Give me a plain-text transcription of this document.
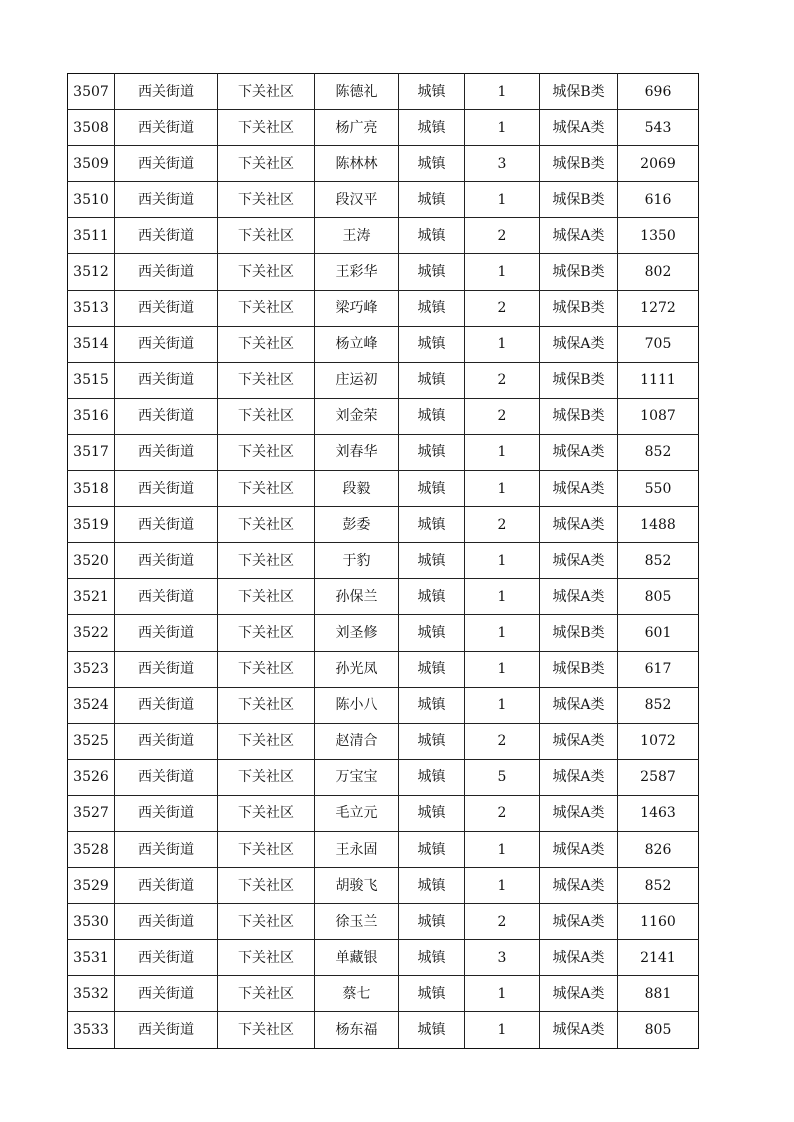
3507	西关街道	下关社区	陈德礼	城镇	1	城保B类	696
3508	西关街道	下关社区	杨广亮	城镇	1	城保A类	543
3509	西关街道	下关社区	陈林林	城镇	3	城保B类	2069
3510	西关街道	下关社区	段汉平	城镇	1	城保B类	616
3511	西关街道	下关社区	王涛	城镇	2	城保A类	1350
3512	西关街道	下关社区	王彩华	城镇	1	城保B类	802
3513	西关街道	下关社区	梁巧峰	城镇	2	城保B类	1272
3514	西关街道	下关社区	杨立峰	城镇	1	城保A类	705
3515	西关街道	下关社区	庄运初	城镇	2	城保B类	1111
3516	西关街道	下关社区	刘金荣	城镇	2	城保B类	1087
3517	西关街道	下关社区	刘春华	城镇	1	城保A类	852
3518	西关街道	下关社区	段毅	城镇	1	城保A类	550
3519	西关街道	下关社区	彭委	城镇	2	城保A类	1488
3520	西关街道	下关社区	于豹	城镇	1	城保A类	852
3521	西关街道	下关社区	孙保兰	城镇	1	城保A类	805
3522	西关街道	下关社区	刘圣修	城镇	1	城保B类	601
3523	西关街道	下关社区	孙光凤	城镇	1	城保B类	617
3524	西关街道	下关社区	陈小八	城镇	1	城保A类	852
3525	西关街道	下关社区	赵清合	城镇	2	城保A类	1072
3526	西关街道	下关社区	万宝宝	城镇	5	城保A类	2587
3527	西关街道	下关社区	毛立元	城镇	2	城保A类	1463
3528	西关街道	下关社区	王永固	城镇	1	城保A类	826
3529	西关街道	下关社区	胡骏飞	城镇	1	城保A类	852
3530	西关街道	下关社区	徐玉兰	城镇	2	城保A类	1160
3531	西关街道	下关社区	单藏银	城镇	3	城保A类	2141
3532	西关街道	下关社区	蔡七	城镇	1	城保A类	881
3533	西关街道	下关社区	杨东福	城镇	1	城保A类	805
